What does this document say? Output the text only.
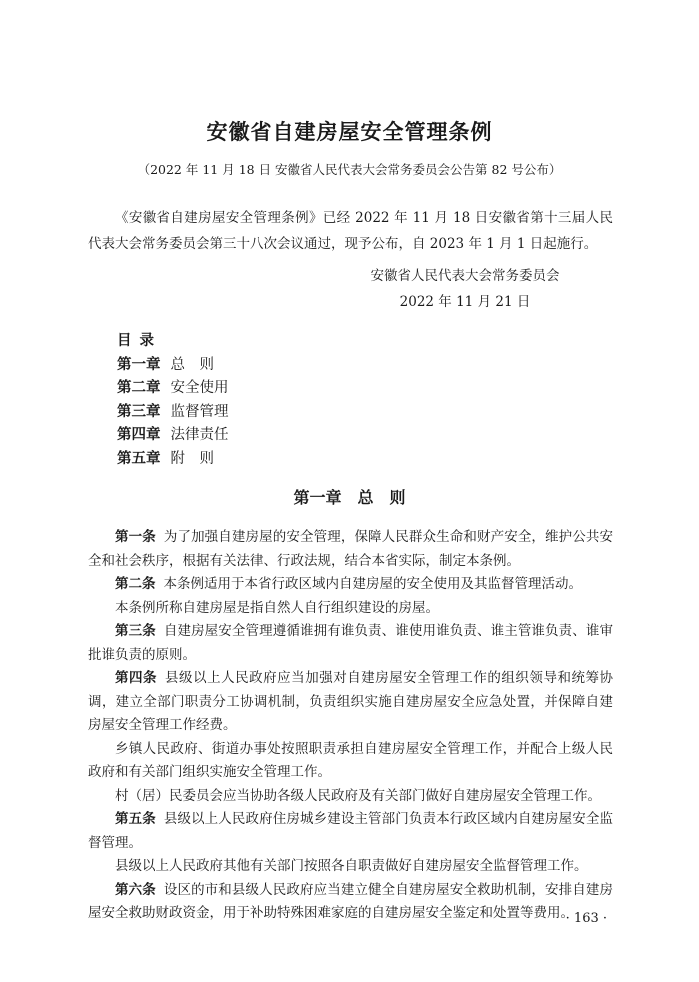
安徽省自建房屋安全管理条例

（2022 年 11 月 18 日 安徽省人民代表大会常务委员会公告第 82 号公布）

《安徽省自建房屋安全管理条例》已经 2022 年 11 月 18 日安徽省第十三届人民代表大会常务委员会第三十八次会议通过，现予公布，自 2023 年 1 月 1 日起施行。

安徽省人民代表大会常务委员会
2022 年 11 月 21 日
目录
第一章 总　则
第二章 安全使用
第三章 监督管理
第四章 法律责任
第五章 附　则
第一章　总　则

第一条 为了加强自建房屋的安全管理，保障人民群众生命和财产安全，维护公共安全和社会秩序，根据有关法律、行政法规，结合本省实际，制定本条例。

第二条 本条例适用于本省行政区域内自建房屋的安全使用及其监督管理活动。

本条例所称自建房屋是指自然人自行组织建设的房屋。

第三条 自建房屋安全管理遵循谁拥有谁负责、谁使用谁负责、谁主管谁负责、谁审批谁负责的原则。

第四条 县级以上人民政府应当加强对自建房屋安全管理工作的组织领导和统筹协调，建立全部门职责分工协调机制，负责组织实施自建房屋安全应急处置，并保障自建房屋安全管理工作经费。

乡镇人民政府、街道办事处按照职责承担自建房屋安全管理工作，并配合上级人民政府和有关部门组织实施安全管理工作。

村（居）民委员会应当协助各级人民政府及有关部门做好自建房屋安全管理工作。

第五条 县级以上人民政府住房城乡建设主管部门负责本行政区域内自建房屋安全监督管理。

县级以上人民政府其他有关部门按照各自职责做好自建房屋安全监督管理工作。

第六条 设区的市和县级人民政府应当建立健全自建房屋安全救助机制，安排自建房屋安全救助财政资金，用于补助特殊困难家庭的自建房屋安全鉴定和处置等费用。

· 163 ·
